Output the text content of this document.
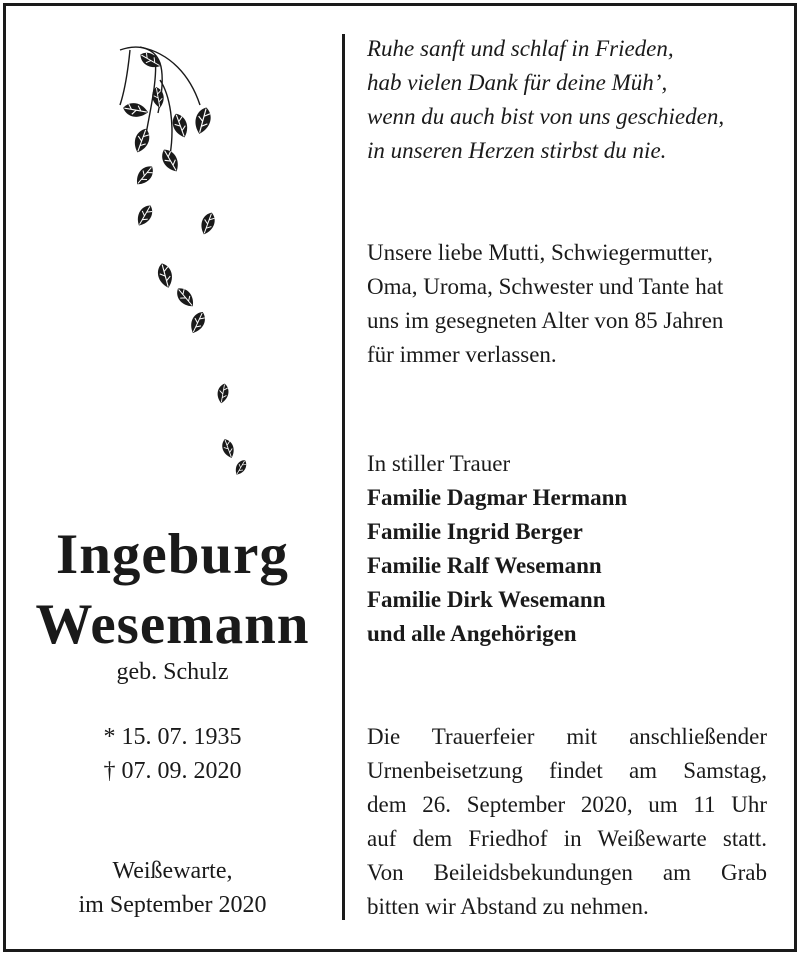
Ingeburg
Wesemann
geb. Schulz
* 15. 07. 1935
† 07. 09. 2020
Weißewarte,
im September 2020
Ruhe sanft und schlaf in Frieden,
hab vielen Dank für deine Müh’,
wenn du auch bist von uns geschieden,
in unseren Herzen stirbst du nie.
Unsere liebe Mutti, Schwiegermutter,
Oma, Uroma, Schwester und Tante hat
uns im gesegneten Alter von 85 Jahren
für immer verlassen.
In stiller Trauer
Familie Dagmar Hermann
Familie Ingrid Berger
Familie Ralf Wesemann
Familie Dirk Wesemann
und alle Angehörigen
Die Trauerfeier mit anschließender
Urnenbeisetzung findet am Samstag,
dem 26. September 2020, um 11 Uhr
auf dem Friedhof in Weißewarte statt.
Von Beileidsbekundungen am Grab
bitten wir Abstand zu nehmen.
